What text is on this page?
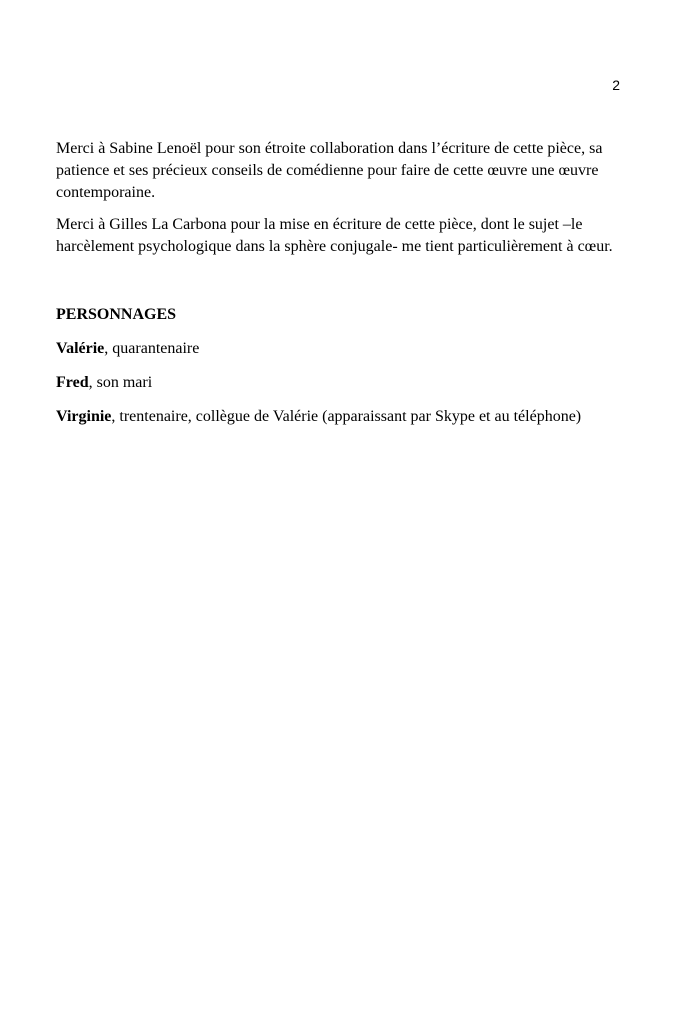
2

Merci à Sabine Lenoël pour son étroite collaboration dans l’écriture de cette pièce, sa patience et ses précieux conseils de comédienne pour faire de cette œuvre une œuvre contemporaine.

Merci à Gilles La Carbona pour la mise en écriture de cette pièce, dont le sujet –le harcèlement psychologique dans la sphère conjugale- me tient particulièrement à cœur.

PERSONNAGES

Valérie, quarantenaire

Fred, son mari

Virginie, trentenaire, collègue de Valérie (apparaissant par Skype et au téléphone)
